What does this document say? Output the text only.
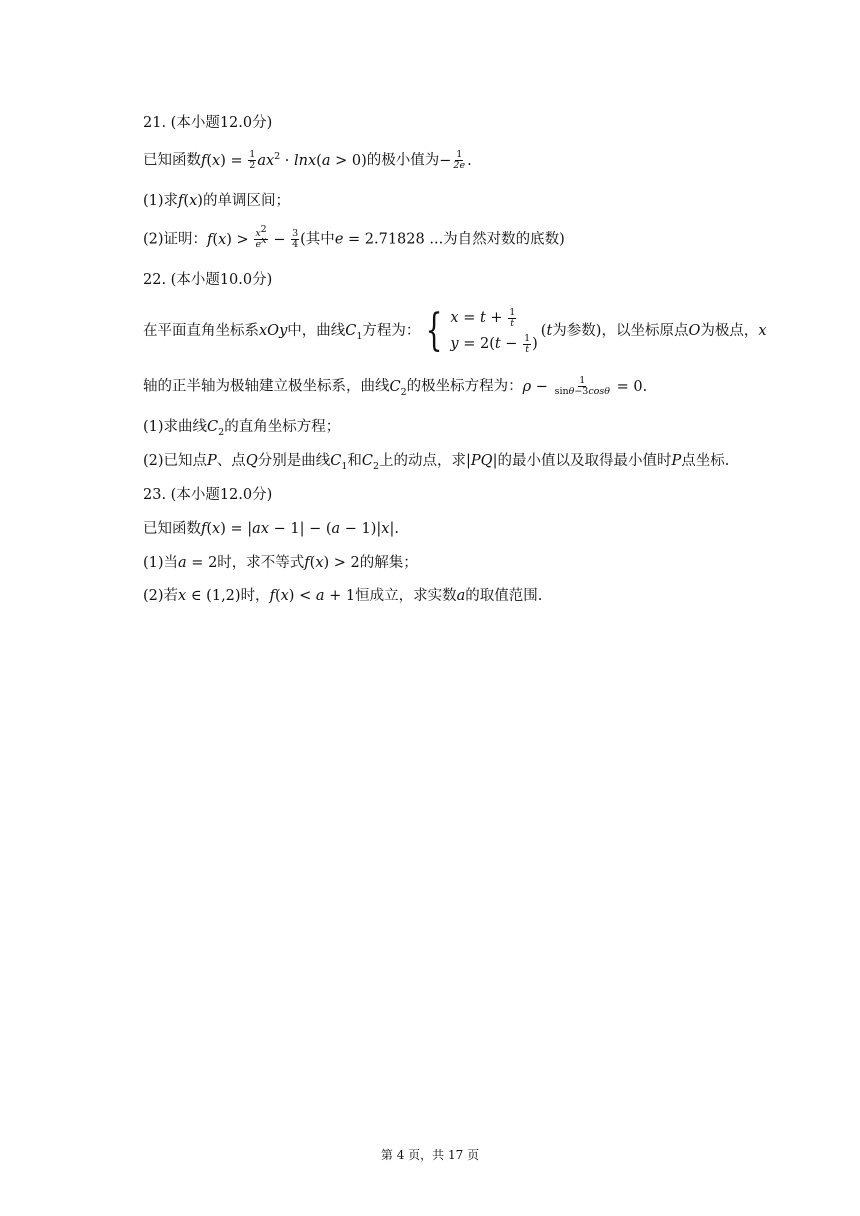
21. (本小题12.0分)
已知函数$f(x) = \frac{1}{2} ax^2 \cdot \ln x(a > 0)$的极小值为− $\frac{1}{2e}$ .
(1)求f(x)的单调区间；
(2)证明：$f(x) > \frac{x^2}{e^x} - \frac{3}{4}$ (其中e = 2.71828 ...为自然对数的底数)
22. (本小题10.0分)
在平面直角坐标系xOy中，曲线$C_1$方程为： { $x = t + \frac{1}{t}$
$y = 2(t - \frac{1}{t}$ )
(t为参数)，以坐标原点O为极点，x
轴的正半轴为极轴建立极坐标系，曲线$C_2$的极坐标方程为：$\rho - \frac{1}{\sin\theta-3\cos\theta} = 0$.
(1)求曲线$C_2$的直角坐标方程；
(2)已知点P、点Q分别是曲线$C_1$和$C_2$上的动点，求|PQ|的最小值以及取得最小值时P点坐标.
23. (本小题12.0分)
已知函数f(x) = |ax − 1| − (a − 1)|x|.
(1)当a = 2时，求不等式f(x) > 2的解集；
(2)若x ∈ (1,2)时，f(x) < a + 1恒成立，求实数a的取值范围.
第 4 页，共 17 页
